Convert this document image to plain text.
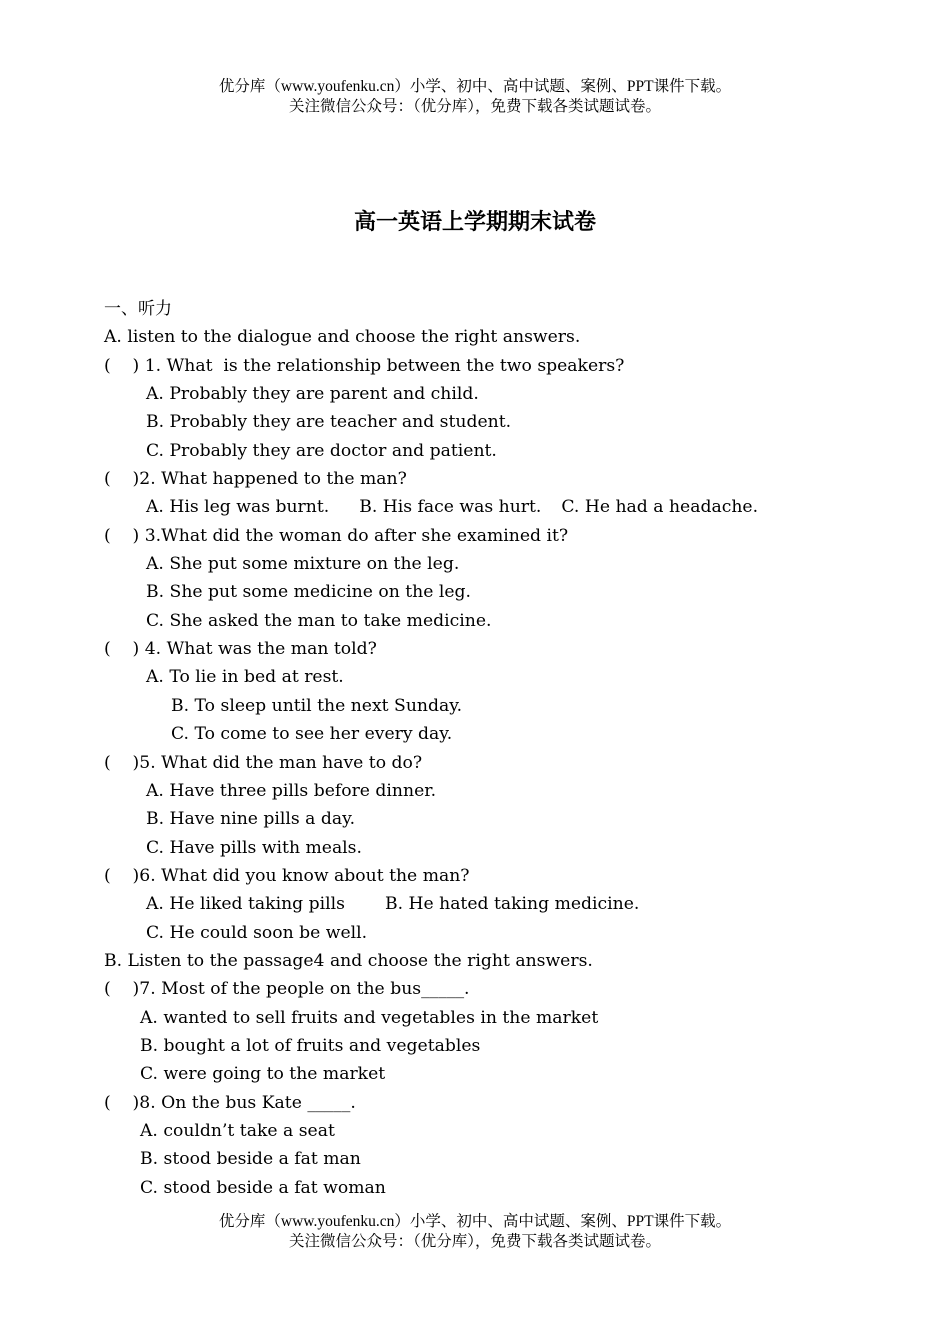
优分库（www.youfenku.cn）小学、初中、高中试题、案例、PPT课件下载。
关注微信公众号：（优分库），免费下载各类试题试卷。
高一英语上学期期末试卷
一、听力
A. listen to the dialogue and choose the right answers.
(    ) 1. What  is the relationship between the two speakers?
A. Probably they are parent and child.
B. Probably they are teacher and student.
C. Probably they are doctor and patient.
(    )2. What happened to the man?
A. His leg was burnt. B. His face was hurt. C. He had a headache.
(    ) 3.What did the woman do after she examined it?
A. She put some mixture on the leg.
B. She put some medicine on the leg.
C. She asked the man to take medicine.
(    ) 4. What was the man told?
A. To lie in bed at rest.
B. To sleep until the next Sunday.
C. To come to see her every day.
(    )5. What did the man have to do?
A. Have three pills before dinner.
B. Have nine pills a day.
C. Have pills with meals.
(    )6. What did you know about the man?
A. He liked taking pills B. He hated taking medicine.
C. He could soon be well.
B. Listen to the passage4 and choose the right answers.
(    )7. Most of the people on the bus_____.
A. wanted to sell fruits and vegetables in the market
B. bought a lot of fruits and vegetables
C. were going to the market
(    )8. On the bus Kate _____.
A. couldn’t take a seat
B. stood beside a fat man
C. stood beside a fat woman
优分库（www.youfenku.cn）小学、初中、高中试题、案例、PPT课件下载。
关注微信公众号：（优分库），免费下载各类试题试卷。
